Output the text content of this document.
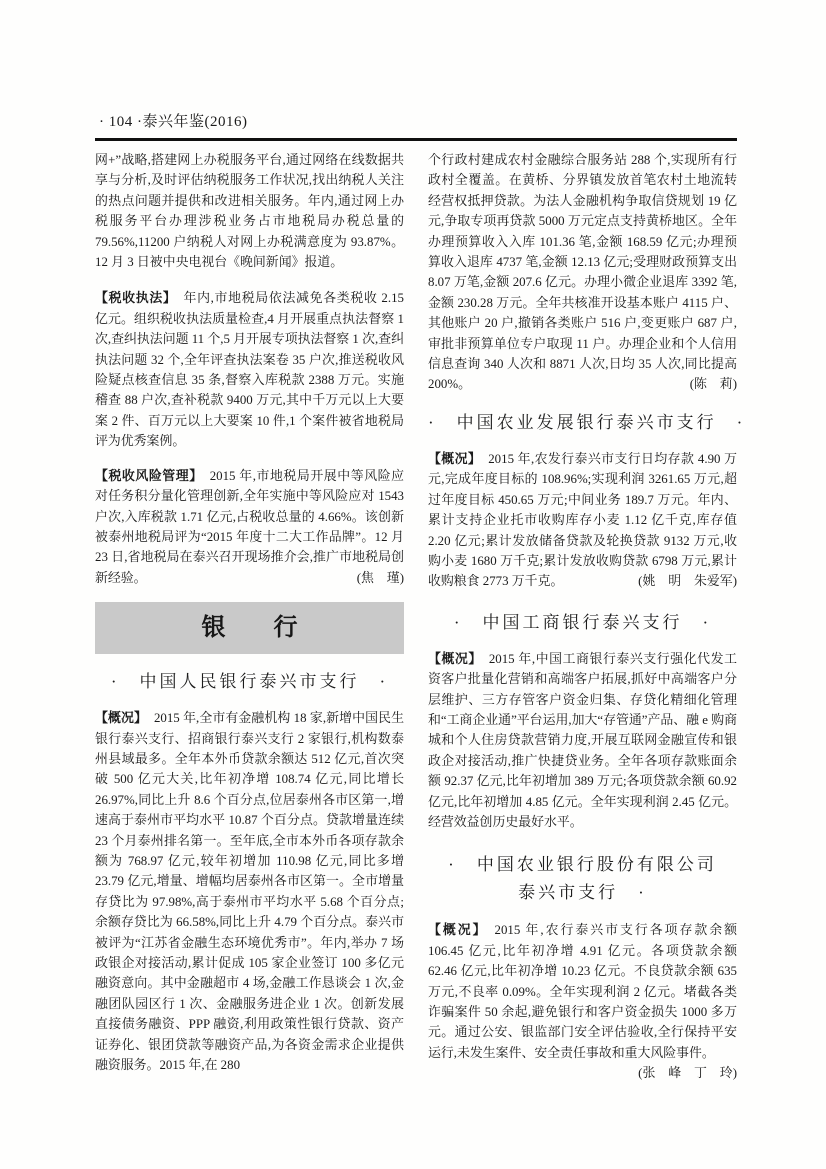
· 104 ·泰兴年鉴(2016)

网+”战略,搭建网上办税服务平台,通过网络在线数据共享与分析,及时评估纳税服务工作状况,找出纳税人关注的热点问题并提供和改进相关服务。年内,通过网上办税服务平台办理涉税业务占市地税局办税总量的 79.56%,11200 户纳税人对网上办税满意度为 93.87%。12 月 3 日被中央电视台《晚间新闻》报道。

【税收执法】 年内,市地税局依法减免各类税收 2.15 亿元。组织税收执法质量检查,4 月开展重点执法督察 1 次,查纠执法问题 11 个,5 月开展专项执法督察 1 次,查纠执法问题 32 个,全年评查执法案卷 35 户次,推送税收风险疑点核查信息 35 条,督察入库税款 2388 万元。实施稽查 88 户次,查补税款 9400 万元,其中千万元以上大要案 2 件、百万元以上大要案 10 件,1 个案件被省地税局评为优秀案例。

【税收风险管理】 2015 年,市地税局开展中等风险应对任务积分量化管理创新,全年实施中等风险应对 1543 户次,入库税款 1.71 亿元,占税收总量的 4.66%。该创新被泰州地税局评为“2015 年度十二大工作品牌”。12 月 23 日,省地税局在泰兴召开现场推介会,推广市地税局创新经验。	(焦　瑾)

银　　行
·　中国人民银行泰兴市支行　·

【概况】 2015 年,全市有金融机构 18 家,新增中国民生银行泰兴支行、招商银行泰兴支行 2 家银行,机构数泰州县域最多。全年本外币贷款余额达 512 亿元,首次突破 500 亿元大关,比年初净增 108.74 亿元,同比增长 26.97%,同比上升 8.6 个百分点,位居泰州各市区第一,增速高于泰州市平均水平 10.87 个百分点。贷款增量连续 23 个月泰州排名第一。至年底,全市本外币各项存款余额为 768.97 亿元,较年初增加 110.98 亿元,同比多增 23.79 亿元,增量、增幅均居泰州各市区第一。全市增量存贷比为 97.98%,高于泰州市平均水平 5.68 个百分点;余额存贷比为 66.58%,同比上升 4.79 个百分点。泰兴市被评为“江苏省金融生态环境优秀市”。年内,举办 7 场政银企对接活动,累计促成 105 家企业签订 100 多亿元融资意向。其中金融超市 4 场,金融工作恳谈会 1 次,金融团队园区行 1 次、金融服务进企业 1 次。创新发展直接债务融资、PPP 融资,利用政策性银行贷款、资产证券化、银团贷款等融资产品,为各资金需求企业提供融资服务。2015 年,在 280

个行政村建成农村金融综合服务站 288 个,实现所有行政村全覆盖。在黄桥、分界镇发放首笔农村土地流转经营权抵押贷款。为法人金融机构争取信贷规划 19 亿元,争取专项再贷款 5000 万元定点支持黄桥地区。全年办理预算收入入库 101.36 笔,金额 168.59 亿元;办理预算收入退库 4737 笔,金额 12.13 亿元;受理财政预算支出 8.07 万笔,金额 207.6 亿元。办理小微企业退库 3392 笔,金额 230.28 万元。全年共核准开设基本账户 4115 户、其他账户 20 户,撤销各类账户 516 户,变更账户 687 户,审批非预算单位专户取现 11 户。办理企业和个人信用信息查询 340 人次和 8871 人次,日均 35 人次,同比提高 200%。	(陈　莉)

·　中国农业发展银行泰兴市支行　·

【概况】 2015 年,农发行泰兴市支行日均存款 4.90 万元,完成年度目标的 108.96%;实现利润 3261.65 万元,超过年度目标 450.65 万元;中间业务 189.7 万元。年内、累计支持企业托市收购库存小麦 1.12 亿千克,库存值 2.20 亿元;累计发放储备贷款及轮换贷款 9132 万元,收购小麦 1680 万千克;累计发放收购贷款 6798 万元,累计收购粮食 2773 万千克。	(姚　明　朱爱军)

·　中国工商银行泰兴支行　·

【概况】 2015 年,中国工商银行泰兴支行强化代发工资客户批量化营销和高端客户拓展,抓好中高端客户分层维护、三方存管客户资金归集、存贷化精细化管理和“工商企业通”平台运用,加大“存管通”产品、融 e 购商城和个人住房贷款营销力度,开展互联网金融宣传和银政企对接活动,推广快捷贷业务。全年各项存款账面余额 92.37 亿元,比年初增加 389 万元;各项贷款余额 60.92 亿元,比年初增加 4.85 亿元。全年实现利润 2.45 亿元。经营效益创历史最好水平。

·　中国农业银行股份有限公司
泰兴市支行　·

【概况】 2015 年,农行泰兴市支行各项存款余额 106.45 亿元,比年初净增 4.91 亿元。各项贷款余额 62.46 亿元,比年初净增 10.23 亿元。不良贷款余额 635 万元,不良率 0.09%。全年实现利润 2 亿元。堵截各类诈骗案件 50 余起,避免银行和客户资金损失 1000 多万元。通过公安、银监部门安全评估验收,全行保持平安运行,未发生案件、安全责任事故和重大风险事件。
(张　峰　丁　玲)
